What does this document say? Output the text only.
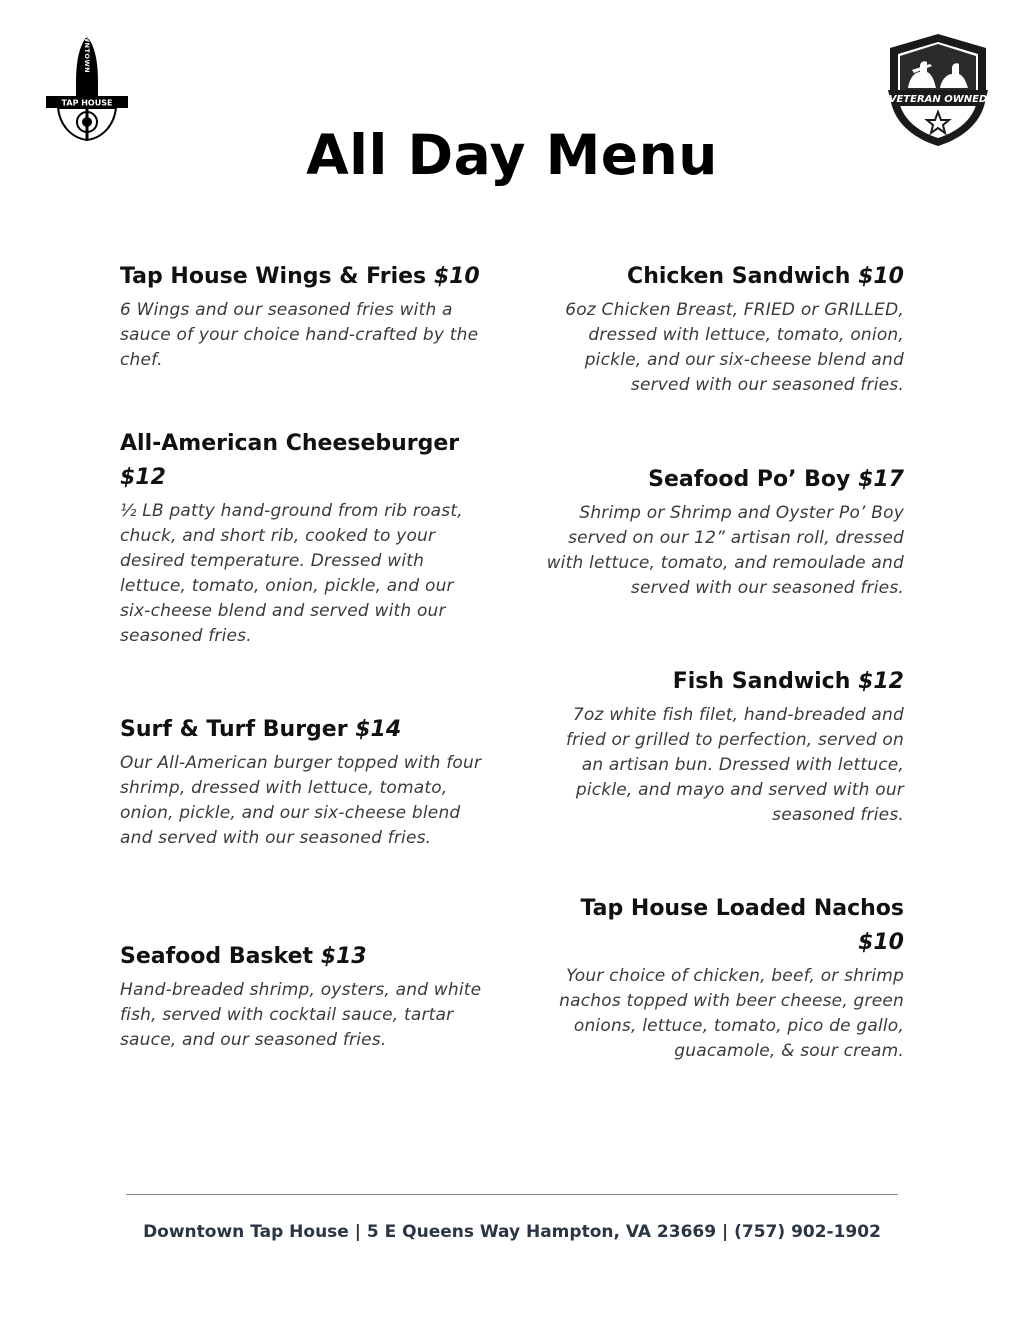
TAP HOUSE
DOWNTOWN
VETERAN OWNED
All Day Menu
Tap House Wings & Fries $10

6 Wings and our seasoned fries with a sauce of your choice hand-crafted by the chef.

All-American Cheeseburger $12

½ LB patty hand-ground from rib roast, chuck, and short rib, cooked to your desired temperature. Dressed with lettuce, tomato, onion, pickle, and our six-cheese blend and served with our seasoned fries.

Surf & Turf Burger $14

Our All-American burger topped with four shrimp, dressed with lettuce, tomato, onion, pickle, and our six-cheese blend and served with our seasoned fries.

Seafood Basket $13

Hand-breaded shrimp, oysters, and white fish, served with cocktail sauce, tartar sauce, and our seasoned fries.

Chicken Sandwich $10

6oz Chicken Breast, FRIED or GRILLED, dressed with lettuce, tomato, onion, pickle, and our six-cheese blend and served with our seasoned fries.

Seafood Po’ Boy $17

Shrimp or Shrimp and Oyster Po’ Boy served on our 12” artisan roll, dressed with lettuce, tomato, and remoulade and served with our seasoned fries.

Fish Sandwich $12

7oz white fish filet, hand-breaded and fried or grilled to perfection, served on an artisan bun. Dressed with lettuce, pickle, and mayo and served with our seasoned fries.

Tap House Loaded Nachos $10

Your choice of chicken, beef, or shrimp nachos topped with beer cheese, green onions, lettuce, tomato, pico de gallo, guacamole, & sour cream.

Downtown Tap House | 5 E Queens Way Hampton, VA 23669 | (757) 902-1902
